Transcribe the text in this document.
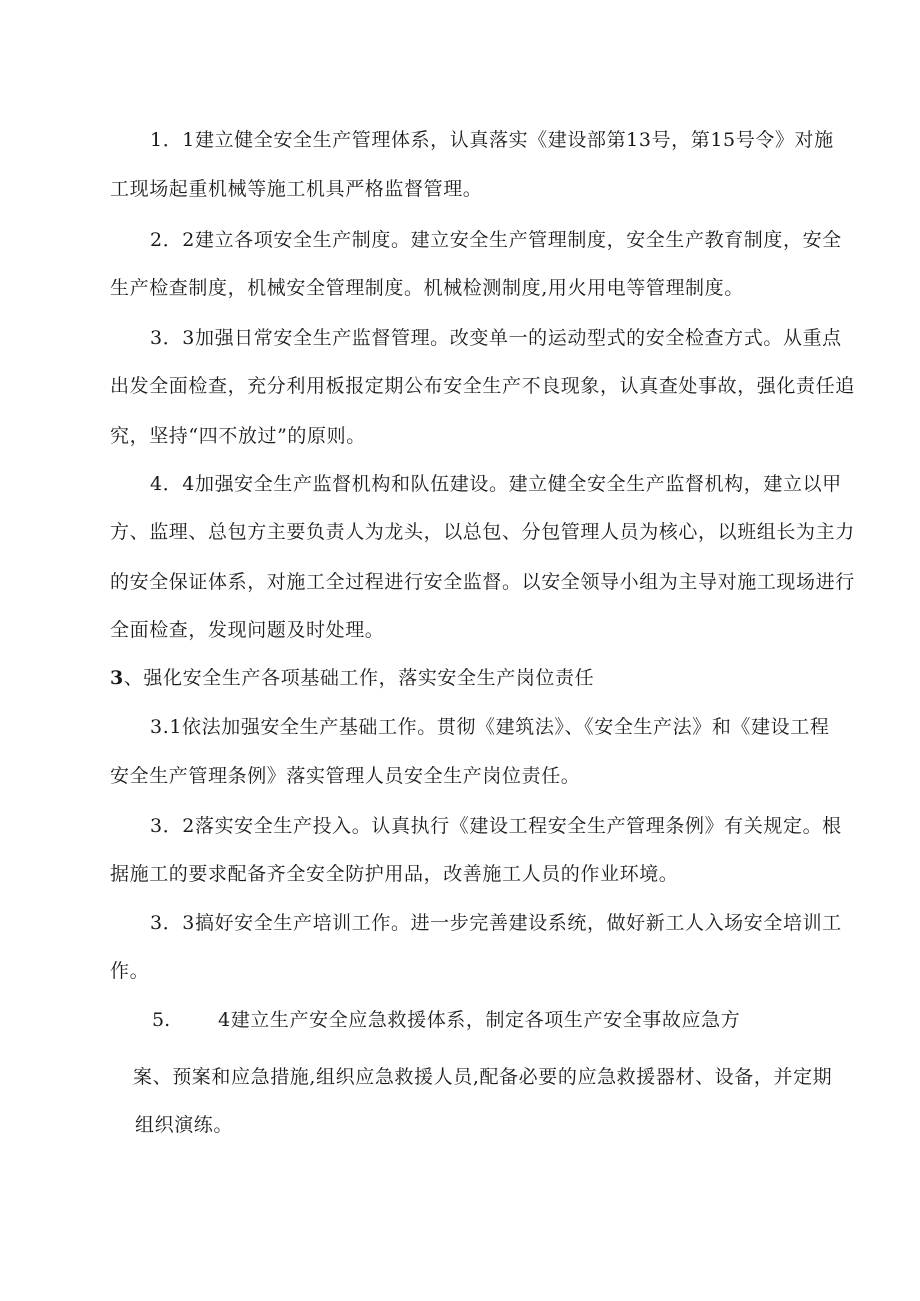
1．1建立健全安全生产管理体系，认真落实《建设部第13号，第15号令》对施
工现场起重机械等施工机具严格监督管理。
2．2建立各项安全生产制度。建立安全生产管理制度，安全生产教育制度，安全
生产检查制度，机械安全管理制度。机械检测制度,用火用电等管理制度。
3．3加强日常安全生产监督管理。改变单一的运动型式的安全检查方式。从重点
出发全面检查，充分利用板报定期公布安全生产不良现象，认真查处事故，强化责任追
究，坚持“四不放过”的原则。
4．4加强安全生产监督机构和队伍建设。建立健全安全生产监督机构，建立以甲
方、监理、总包方主要负责人为龙头，以总包、分包管理人员为核心，以班组长为主力
的安全保证体系，对施工全过程进行安全监督。以安全领导小组为主导对施工现场进行
全面检查，发现问题及时处理。
3、强化安全生产各项基础工作，落实安全生产岗位责任
3.1依法加强安全生产基础工作。贯彻《建筑法》、《安全生产法》和《建设工程
安全生产管理条例》落实管理人员安全生产岗位责任。
3．2落实安全生产投入。认真执行《建设工程安全生产管理条例》有关规定。根
据施工的要求配备齐全安全防护用品，改善施工人员的作业环境。
3．3搞好安全生产培训工作。进一步完善建设系统，做好新工人入场安全培训工
作。
5.	4建立生产安全应急救援体系，制定各项生产安全事故应急方
案、预案和应急措施,组织应急救援人员,配备必要的应急救援器材、设备，并定期
组织演练。
